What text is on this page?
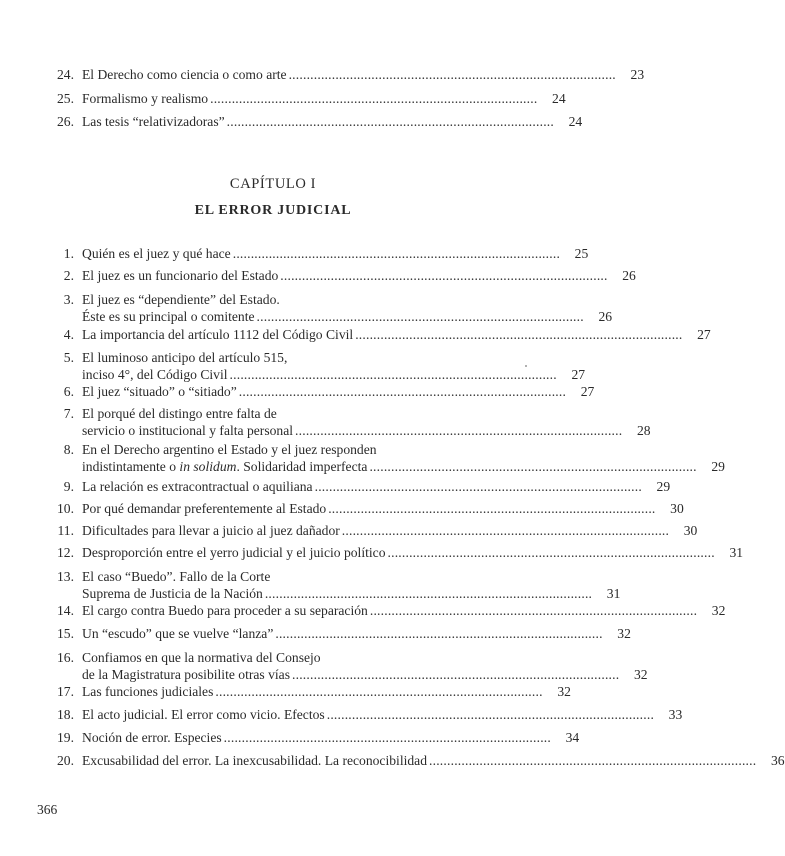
24. El Derecho como ciencia o como arte . . .	23
25. Formalismo y realismo . . .	24
26. Las tesis “relativizadoras” . . .	24
CAPÍTULO I
EL ERROR JUDICIAL
1. Quién es el juez y qué hace . . .	25
2. El juez es un funcionario del Estado . . .	26
3. El juez es “dependiente” del Estado.
Éste es su principal o comitente . . .	26
4. La importancia del artículo 1112 del Código Civil . . .	27
5. El luminoso anticipo del artículo 515,
inciso 4°, del Código Civil . . .	27
6. El juez “situado” o “sitiado” . . .	27
7. El porqué del distingo entre falta de
servicio o institucional y falta personal . . .	28
8. En el Derecho argentino el Estado y el juez responden
indistintamente o in solidum. Solidaridad imperfecta . . .	29
9. La relación es extracontractual o aquiliana . . .	29
10. Por qué demandar preferentemente al Estado . . .	30
11. Dificultades para llevar a juicio al juez dañador . . .	30
12. Desproporción entre el yerro judicial y el juicio político . . .	31
13. El caso “Buedo”. Fallo de la Corte
Suprema de Justicia de la Nación . . .	31
14. El cargo contra Buedo para proceder a su separación . . .	32
15. Un “escudo” que se vuelve “lanza” . . .	32
16. Confiamos en que la normativa del Consejo
de la Magistratura posibilite otras vías . . .	32
17. Las funciones judiciales . . .	32
18. El acto judicial. El error como vicio. Efectos . . .	33
19. Noción de error. Especies . . .	34
20. Excusabilidad del error. La inexcusabilidad. La reconocibilidad . . .	36
366
